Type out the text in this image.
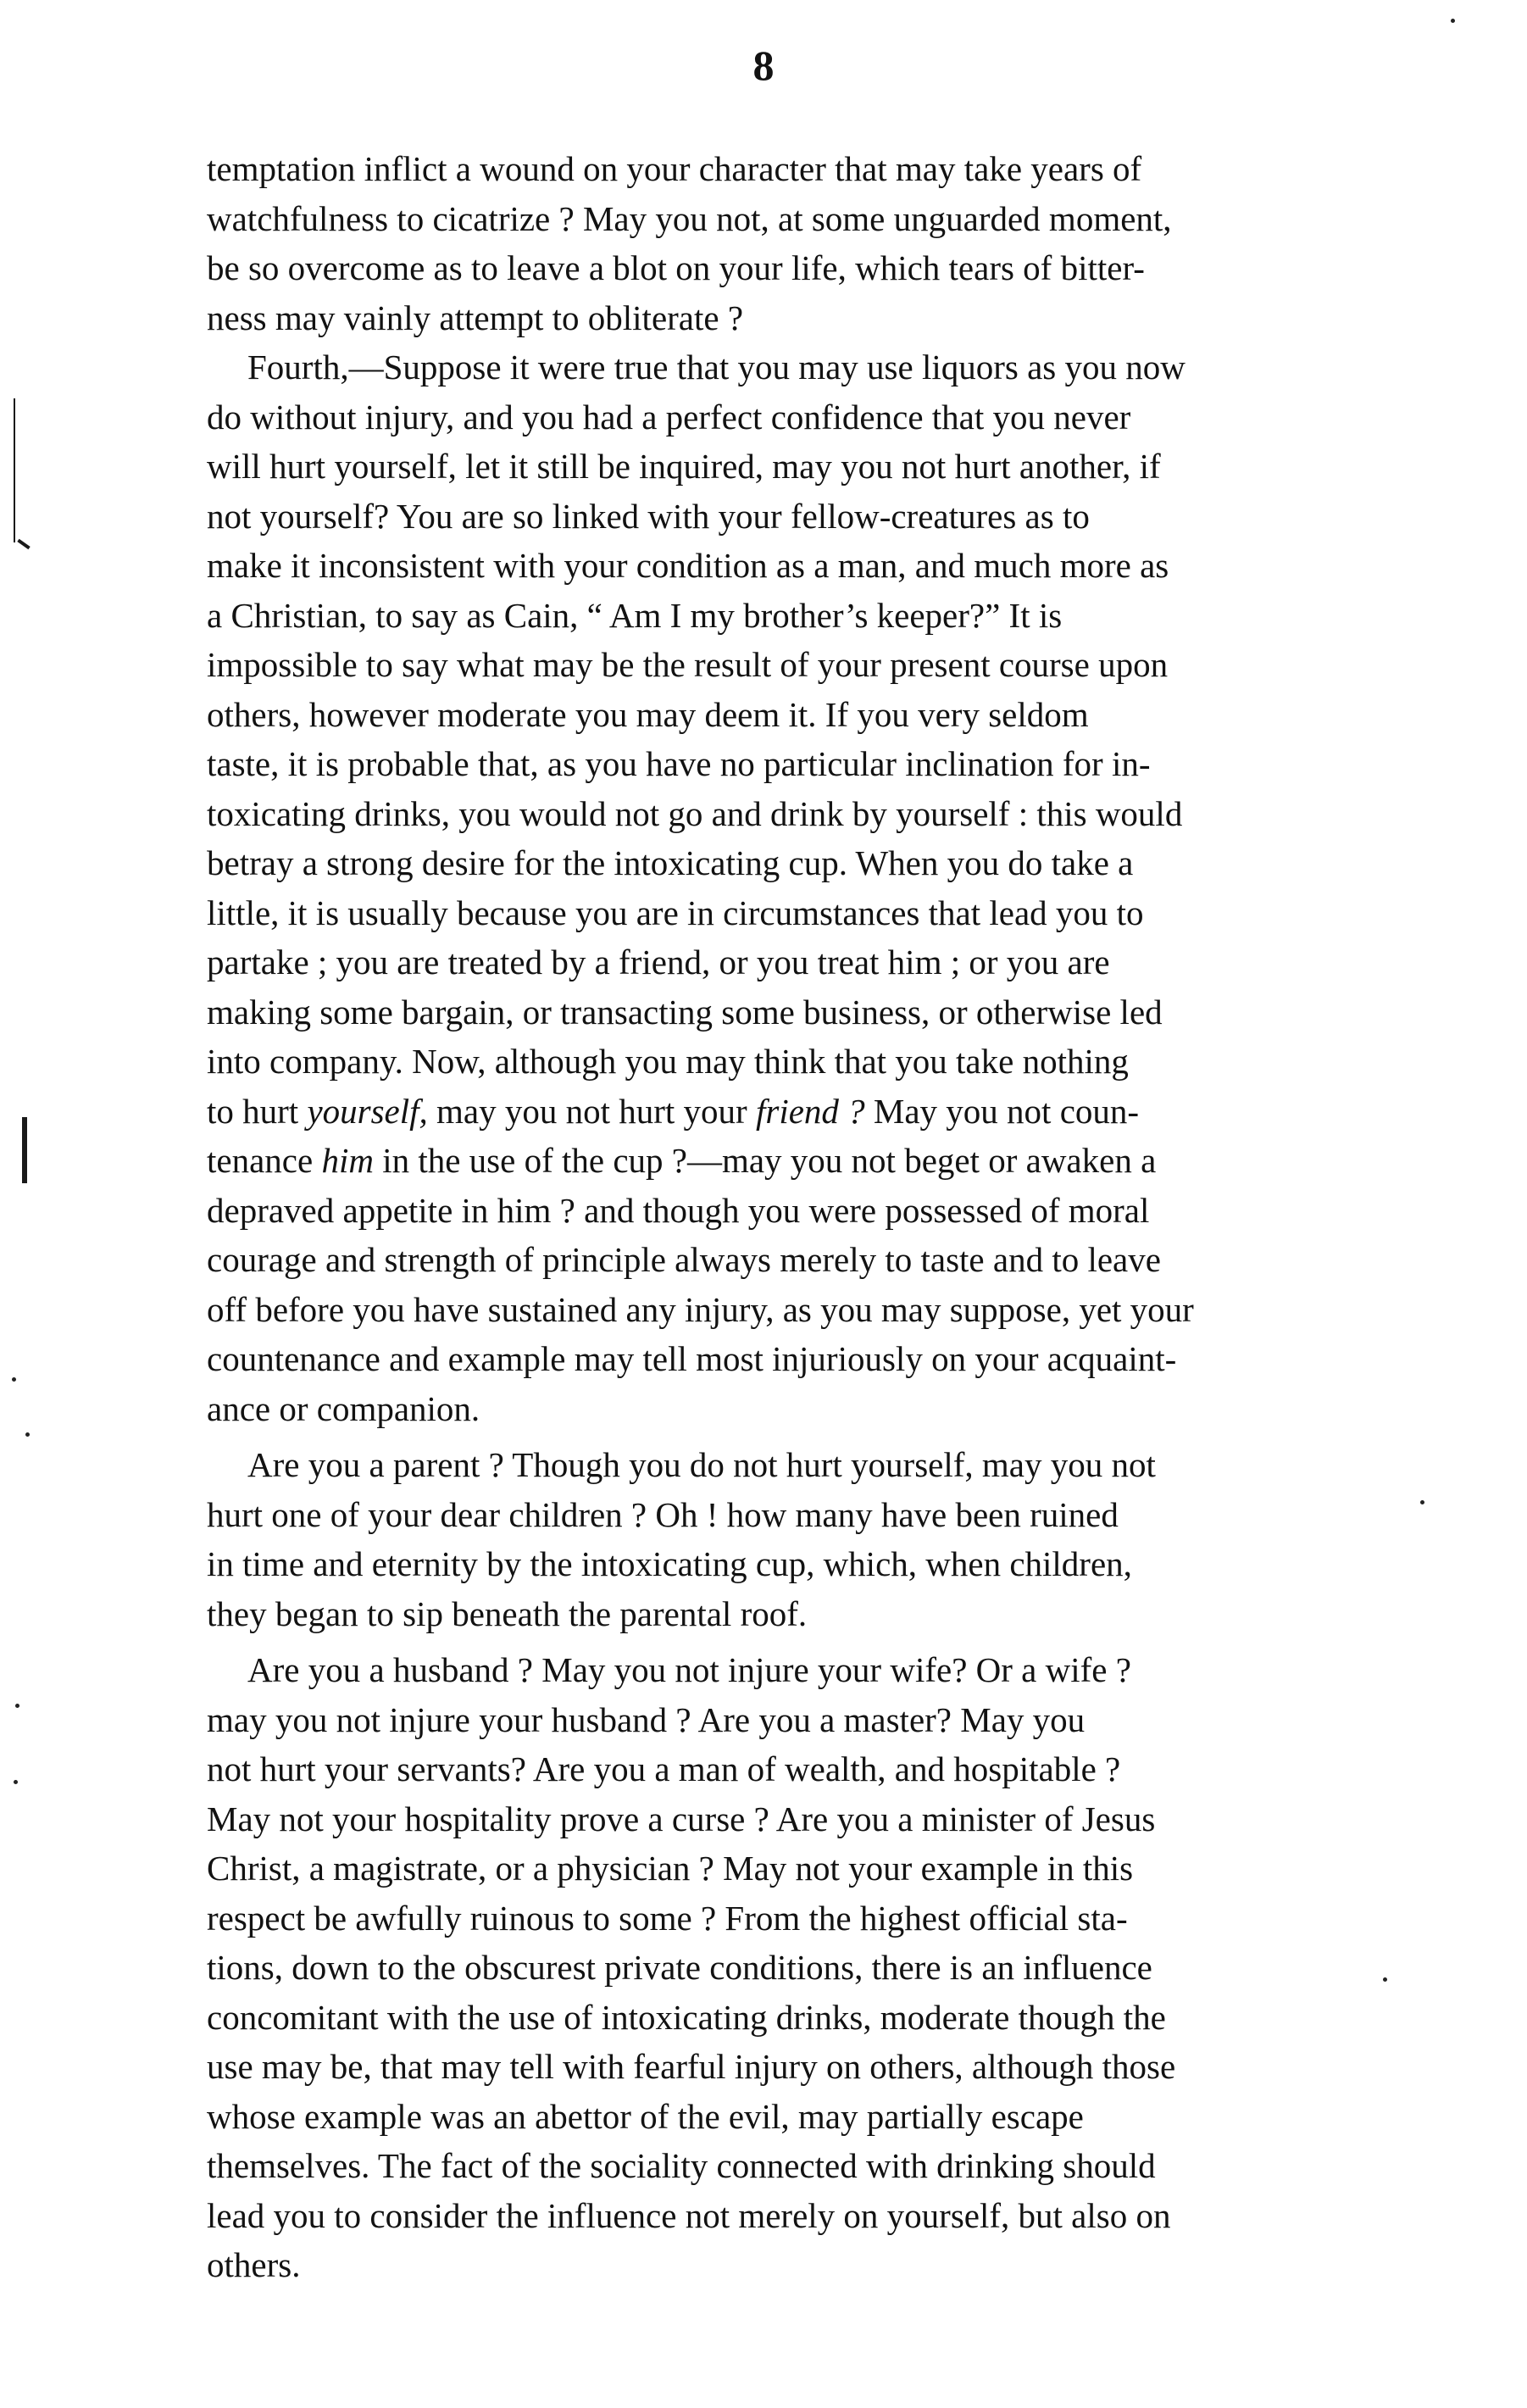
8

temptation inflict a wound on your character that may take years of
watchfulness to cicatrize ? May you not, at some unguarded moment,
be so overcome as to leave a blot on your life, which tears of bitter-
ness may vainly attempt to obliterate ?

Fourth,—Suppose it were true that you may use liquors as you now
do without injury, and you had a perfect confidence that you never
will hurt yourself, let it still be inquired, may you not hurt another, if
not yourself? You are so linked with your fellow-creatures as to
make it inconsistent with your condition as a man, and much more as
a Christian, to say as Cain, “ Am I my brother’s keeper?” It is
impossible to say what may be the result of your present course upon
others, however moderate you may deem it. If you very seldom
taste, it is probable that, as you have no particular inclination for in-
toxicating drinks, you would not go and drink by yourself : this would
betray a strong desire for the intoxicating cup. When you do take a
little, it is usually because you are in circumstances that lead you to
partake ; you are treated by a friend, or you treat him ; or you are
making some bargain, or transacting some business, or otherwise led
into company. Now, although you may think that you take nothing
to hurt yourself, may you not hurt your friend ? May you not coun-
tenance him in the use of the cup ?—may you not beget or awaken a
depraved appetite in him ? and though you were possessed of moral
courage and strength of principle always merely to taste and to leave
off before you have sustained any injury, as you may suppose, yet your
countenance and example may tell most injuriously on your acquaint-
ance or companion.

Are you a parent ? Though you do not hurt yourself, may you not
hurt one of your dear children ? Oh ! how many have been ruined
in time and eternity by the intoxicating cup, which, when children,
they began to sip beneath the parental roof.

Are you a husband ? May you not injure your wife? Or a wife ?
may you not injure your husband ? Are you a master? May you
not hurt your servants? Are you a man of wealth, and hospitable ?
May not your hospitality prove a curse ? Are you a minister of Jesus
Christ, a magistrate, or a physician ? May not your example in this
respect be awfully ruinous to some ? From the highest official sta-
tions, down to the obscurest private conditions, there is an influence
concomitant with the use of intoxicating drinks, moderate though the
use may be, that may tell with fearful injury on others, although those
whose example was an abettor of the evil, may partially escape
themselves. The fact of the sociality connected with drinking should
lead you to consider the influence not merely on yourself, but also on
others.
